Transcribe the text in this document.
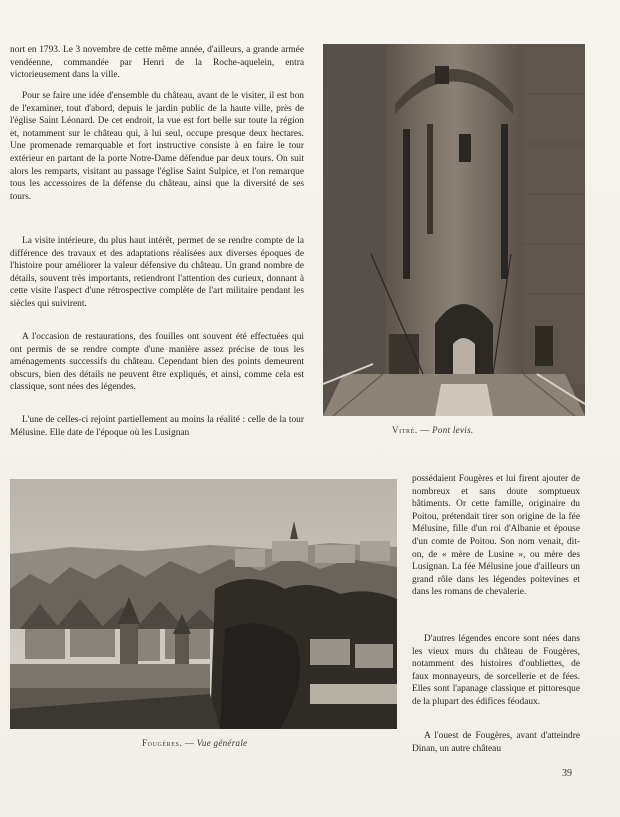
nort en 1793. Le 3 novembre de cette même année, d'ailleurs, a grande armée vendéenne, commandée par Henri de la Roche-aquelein, entra victorieusement dans la ville.

Pour se faire une idée d'ensemble du château, avant de le visiter, il est bon de l'examiner, tout d'abord, depuis le jardin public de la haute ville, près de l'église Saint Léonard. De cet endroit, la vue est fort belle sur toute la région et, notamment sur le château qui, à lui seul, occupe presque deux hectares. Une promenade remarquable et fort instructive consiste à en faire le tour extérieur en partant de la porte Notre-Dame défendue par deux tours. On suit alors les remparts, visitant au passage l'église Saint Sulpice, et l'on remarque tous les accessoires de la défense du château, ainsi que la diversité de ses tours.

La visite intérieure, du plus haut intérêt, permet de se rendre compte de la différence des travaux et des adaptations réalisées aux diverses époques de l'histoire pour améliorer la valeur défensive du château. Un grand nombre de détails, souvent très importants, retiendront l'attention des curieux, donnant à cette visite l'aspect d'une rétrospective complète de l'art militaire pendant les siècles qui suivirent.

A l'occasion de restaurations, des fouilles ont souvent été effectuées qui ont permis de se rendre compte d'une manière assez précise de tous les aménagements successifs du château. Cependant bien des points demeurent obscurs, bien des détails ne peuvent être expliqués, et ainsi, comme cela est classique, sont nées des légendes.

L'une de celles-ci rejoint partiellement au moins la réalité : celle de la tour Mélusine. Elle date de l'époque où les Lusignan	Vitré. — Pont levis.
Fougères. — Vue générale

possédaient Fougères et lui firent ajouter de nombreux et sans doute somptueux bâtiments. Or cette famille, originaire du Poitou, prétendait tirer son origine de la fée Mélusine, fille d'un roi d'Albanie et épouse d'un comte de Poitou. Son nom venait, dit-on, de « mère de Lusine », ou mère des Lusignan. La fée Mélusine joue d'ailleurs un grand rôle dans les légendes poitevines et dans les romans de chevalerie.

D'autres légendes encore sont nées dans les vieux murs du château de Fougères, notamment des histoires d'oubliettes, de faux monnayeurs, de sorcellerie et de fées. Elles sont l'apanage classique et pittoresque de la plupart des édifices féodaux.

A l'ouest de Fougères, avant d'atteindre Dinan, un autre château

39
